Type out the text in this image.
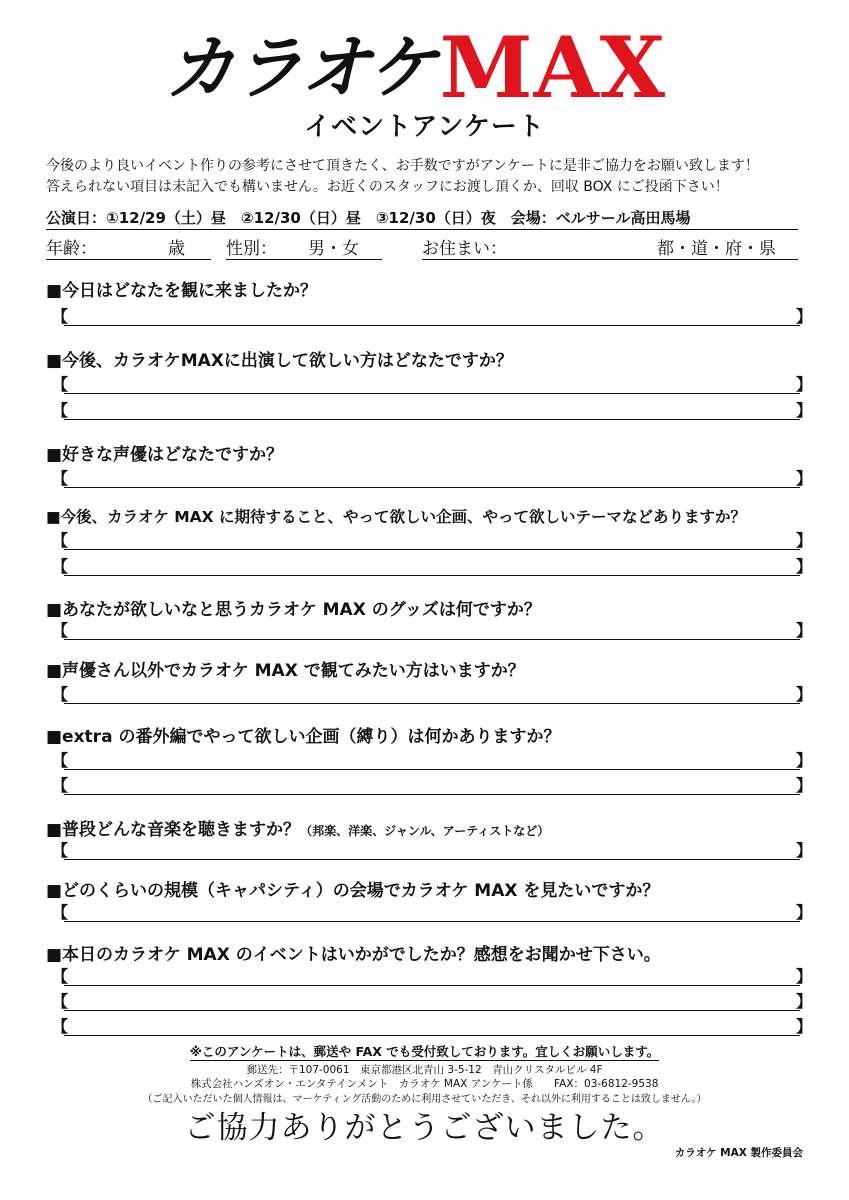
カラオケ MAX
イベントアンケート
今後のより良いイベント作りの参考にさせて頂きたく、お手数ですがアンケートに是非ご協力をお願い致します！
答えられない項目は未記入でも構いません。お近くのスタッフにお渡し頂くか、回収 BOX にご投函下さい！
公演日：①12/29（土）昼　②12/30（日）昼　③12/30（日）夜　会場：ベルサール高田馬場
年齢：	歳 性別： 男・女	お住まい：	都・道・府・県
■今日はどなたを観に来ましたか？
【	】
■今後、カラオケMAXに出演して欲しい方はどなたですか？
【	】
【	】
■好きな声優はどなたですか？
【	】
■今後、カラオケ MAX に期待すること、やって欲しい企画、やって欲しいテーマなどありますか？
【	】
【	】
■あなたが欲しいなと思うカラオケ MAX のグッズは何ですか？
【	】
■声優さん以外でカラオケ MAX で観てみたい方はいますか？
【	】
■extra の番外編でやって欲しい企画（縛り）は何かありますか？
【	】
【	】
■普段どんな音楽を聴きますか？（邦楽、洋楽、ジャンル、アーティストなど）
【	】
■どのくらいの規模（キャパシティ）の会場でカラオケ MAX を見たいですか？
【	】
■本日のカラオケ MAX のイベントはいかがでしたか？感想をお聞かせ下さい。
【	】
【	】
【	】
※このアンケートは、郵送や FAX でも受付致しております。宜しくお願いします。
郵送先：〒107-0061　東京都港区北青山 3-5-12　青山クリスタルビル 4F
株式会社ハンズオン・エンタテインメント　カラオケ MAX アンケート係　　FAX：03-6812-9538
（ご記入いただいた個人情報は、マーケティング活動のために利用させていただき、それ以外に利用することは致しません。）
ご協力ありがとうございました。
カラオケ MAX 製作委員会
